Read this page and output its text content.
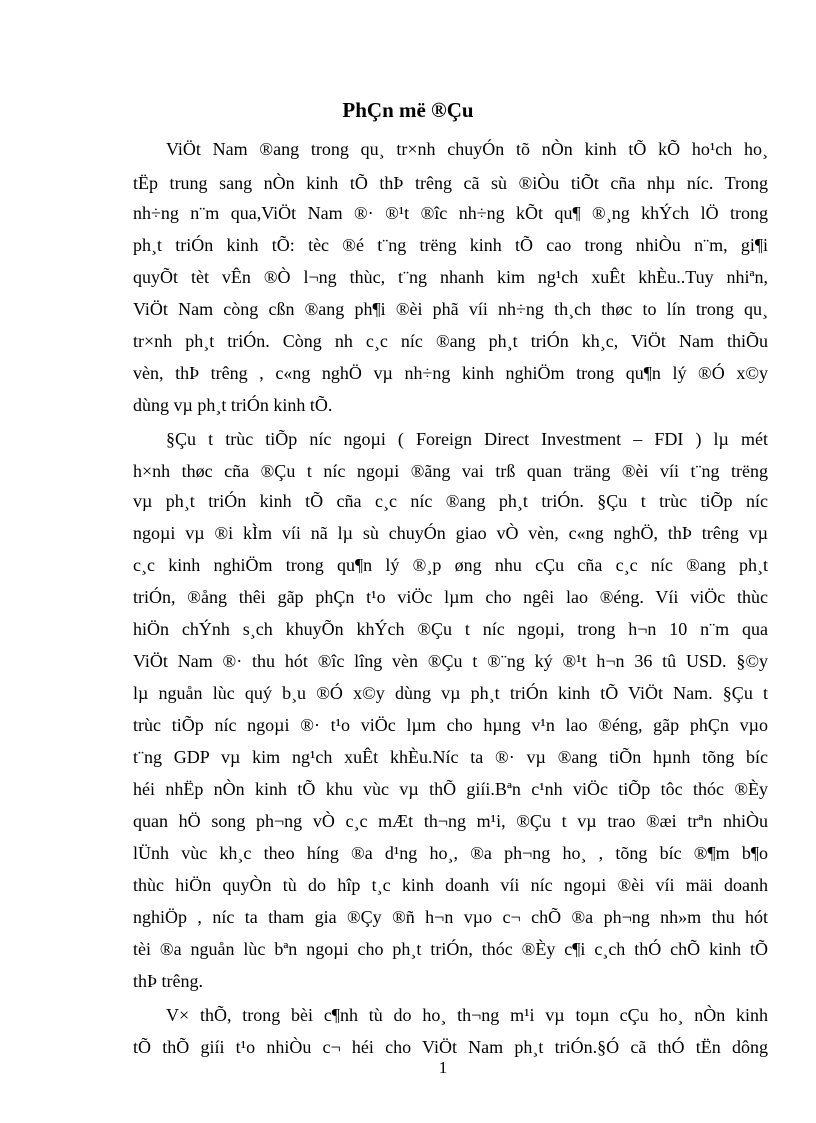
PhÇn më ®Çu
ViÖt Nam ®ang trong qu¸ tr×nh chuyÓn tõ nÒn kinh tÕ kÕ ho¹ch ho¸
tËp trung sang nÒn kinh tÕ thÞ trêng cã sù ®iÒu tiÕt cña nhµ níc. Trong
nh÷ng n¨m qua,ViÖt Nam ®· ®¹t ®îc nh÷ng kÕt qu¶ ®¸ng khÝch lÖ trong
ph¸t triÓn kinh tÕ: tèc ®é t¨ng trëng kinh tÕ cao trong nhiÒu n¨m, gi¶i
quyÕt tèt vÊn ®Ò l¬ng thùc, t¨ng nhanh kim ng¹ch xuÊt khÈu..Tuy nhiªn,
ViÖt Nam còng cßn ®ang ph¶i ®èi phã víi nh÷ng th¸ch thøc to lín trong qu¸
tr×nh ph¸t triÓn. Còng nh c¸c níc ®ang ph¸t triÓn kh¸c, ViÖt Nam thiÕu
vèn, thÞ trêng , c«ng nghÖ vµ nh÷ng kinh nghiÖm trong qu¶n lý ®Ó x©y
dùng vµ ph¸t triÓn kinh tÕ.
§Çu t trùc tiÕp níc ngoµi ( Foreign Direct Investment – FDI ) lµ mét
h×nh thøc cña ®Çu t níc ngoµi ®ãng vai trß quan träng ®èi víi t¨ng trëng
vµ ph¸t triÓn kinh tÕ cña c¸c níc ®ang ph¸t triÓn. §Çu t trùc tiÕp níc
ngoµi vµ ®i kÌm víi nã lµ sù chuyÓn giao vÒ vèn, c«ng nghÖ, thÞ trêng vµ
c¸c kinh nghiÖm trong qu¶n lý ®¸p øng nhu cÇu cña c¸c níc ®ang ph¸t
triÓn, ®ång thêi gãp phÇn t¹o viÖc lµm cho ngêi lao ®éng. Víi viÖc thùc
hiÖn chÝnh s¸ch khuyÕn khÝch ®Çu t níc ngoµi, trong h¬n 10 n¨m qua
ViÖt Nam ®· thu hót ®îc lîng vèn ®Çu t ®¨ng ký ®¹t h¬n 36 tû USD. §©y
lµ nguån lùc quý b¸u ®Ó x©y dùng vµ ph¸t triÓn kinh tÕ ViÖt Nam. §Çu t
trùc tiÕp níc ngoµi ®· t¹o viÖc lµm cho hµng v¹n lao ®éng, gãp phÇn vµo
t¨ng GDP vµ kim ng¹ch xuÊt khÈu.Níc ta ®· vµ ®ang tiÕn hµnh tõng bíc
héi nhËp nÒn kinh tÕ khu vùc vµ thÕ giíi.Bªn c¹nh viÖc tiÕp tôc thóc ®Èy
quan hÖ song ph¬ng vÒ c¸c mÆt th¬ng m¹i, ®Çu t vµ trao ®æi trªn nhiÒu
lÜnh vùc kh¸c theo híng ®a d¹ng ho¸, ®a ph¬ng ho¸ , tõng bíc ®¶m b¶o
thùc hiÖn quyÒn tù do hîp t¸c kinh doanh víi níc ngoµi ®èi víi mäi doanh
nghiÖp , níc ta tham gia ®Çy ®ñ h¬n vµo c¬ chÕ ®a ph¬ng nh»m thu hót
tèi ®a nguån lùc bªn ngoµi cho ph¸t triÓn, thóc ®Èy c¶i c¸ch thÓ chÕ kinh tÕ
thÞ trêng.
V× thÕ, trong bèi c¶nh tù do ho¸ th¬ng m¹i vµ toµn cÇu ho¸ nÒn kinh
tÕ thÕ giíi t¹o nhiÒu c¬ héi cho ViÖt Nam ph¸t triÓn.§Ó cã thÓ tËn dông
1
